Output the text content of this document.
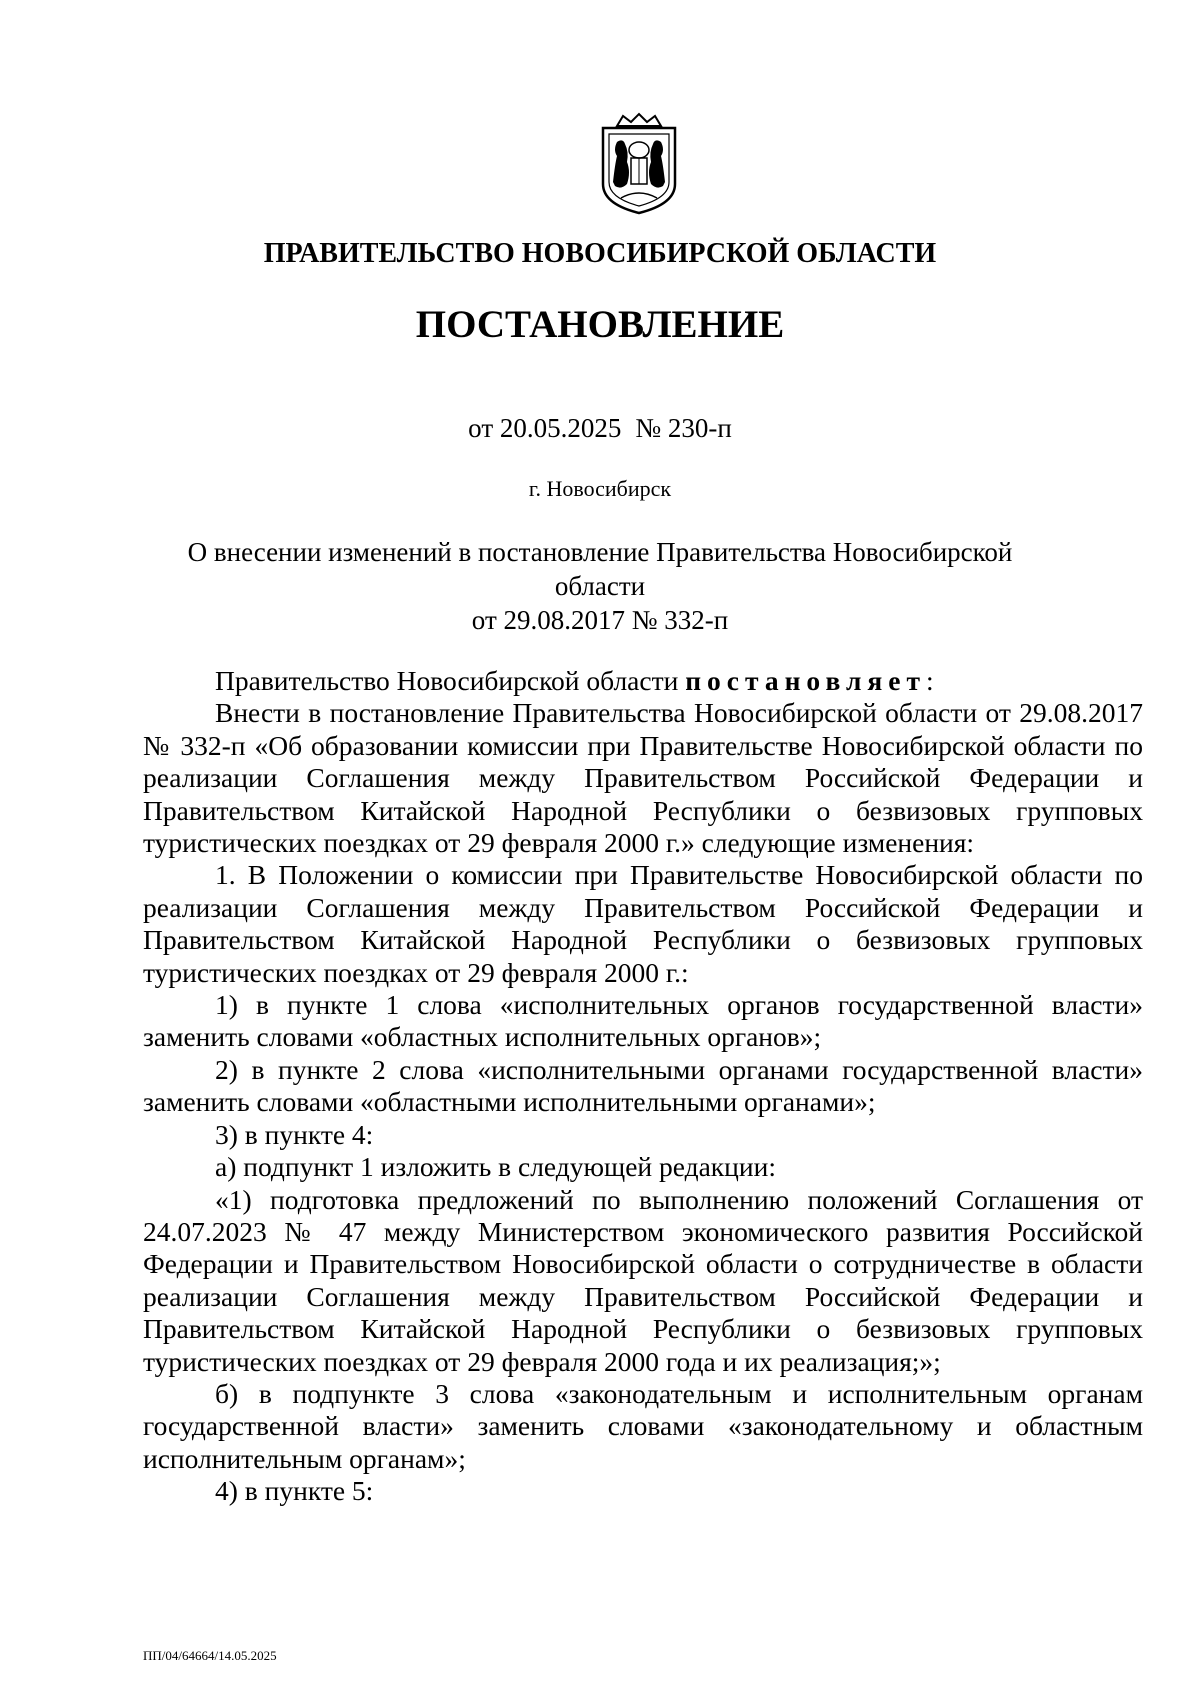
ПРАВИТЕЛЬСТВО НОВОСИБИРСКОЙ ОБЛАСТИ
ПОСТАНОВЛЕНИЕ
от 20.05.2025 № 230-п
г. Новосибирск
О внесении изменений в постановление Правительства Новосибирской области
от 29.08.2017 № 332-п

Правительство Новосибирской области постановляет:

Внести в постановление Правительства Новосибирской области от 29.08.2017 № 332-п «Об образовании комиссии при Правительстве Новосибирской области по реализации Соглашения между Правительством Российской Федерации и Правительством Китайской Народной Республики о безвизовых групповых туристических поездках от 29 февраля 2000 г.» следующие изменения:

1. В Положении о комиссии при Правительстве Новосибирской области по реализации Соглашения между Правительством Российской Федерации и Правительством Китайской Народной Республики о безвизовых групповых туристических поездках от 29 февраля 2000 г.:

1) в пункте 1 слова «исполнительных органов государственной власти» заменить словами «областных исполнительных органов»;

2) в пункте 2 слова «исполнительными органами государственной власти» заменить словами «областными исполнительными органами»;

3) в пункте 4:

а) подпункт 1 изложить в следующей редакции:

«1) подготовка предложений по выполнению положений Соглашения от 24.07.2023 № 47 между Министерством экономического развития Российской Федерации и Правительством Новосибирской области о сотрудничестве в области реализации Соглашения между Правительством Российской Федерации и Правительством Китайской Народной Республики о безвизовых групповых туристических поездках от 29 февраля 2000 года и их реализация;»;

б) в подпункте 3 слова «законодательным и исполнительным органам государственной власти» заменить словами «законодательному и областным исполнительным органам»;

4) в пункте 5:

ПП/04/64664/14.05.2025
